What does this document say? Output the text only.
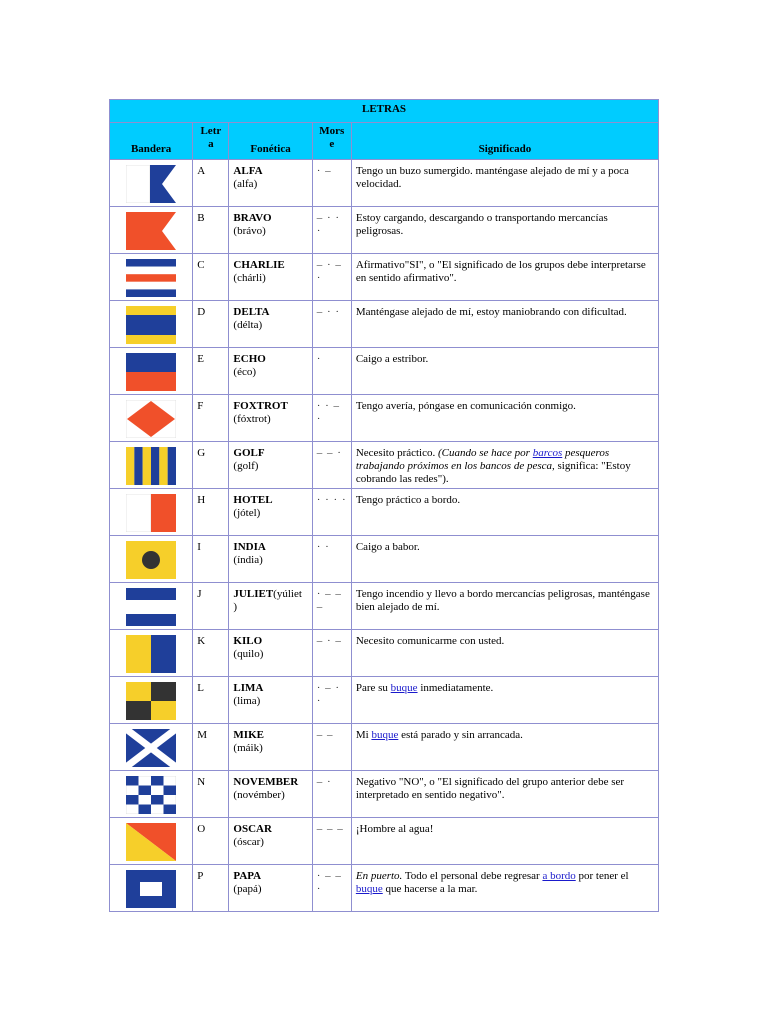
LETRAS				
Bandera	Letr
a	Fonética	Mors
e	Significado

	A	ALFA
(alfa)	· –	Tengo un buzo sumergido. manténgase alejado de mí y a poca velocidad.

	B	BRAVO
(brávo)	– · · ·	Estoy cargando, descargando o transportando mercancías peligrosas.

	C	CHARLIE
(chárli)	– · – ·	Afirmativo"SI", o "El significado de los grupos debe interpretarse en sentido afirmativo".

	D	DELTA
(délta)	– · ·	Manténgase alejado de mí, estoy maniobrando con dificultad.

	E	ECHO
(éco)	·	Caigo a estribor.

	F	FOXTROT
(fóxtrot)	· · – ·	Tengo avería, póngase en comunicación conmigo.

	G	GOLF
(golf)	– – ·	Necesito práctico. (Cuando se hace por barcos pesqueros trabajando próximos en los bancos de pesca, significa: "Estoy cobrando las redes").

	H	HOTEL
(jótel)	· · · ·	Tengo práctico a bordo.

	I	INDIA
(índia)	· ·	Caigo a babor.

	J	JULIET(yúliet
)	· – – –	Tengo incendio y llevo a bordo mercancías peligrosas, manténgase bien alejado de mí.

	K	KILO
(quilo)	– · –	Necesito comunicarme con usted.

	L	LIMA
(lima)	· – · ·	Pare su buque inmediatamente.

	M	MIKE
(máik)	– –	Mi buque está parado y sin arrancada.

	N	NOVEMBER
(novémber)	– ·	Negativo "NO", o "El significado del grupo anterior debe ser interpretado en sentido negativo".

	O	OSCAR
(óscar)	– – –	¡Hombre al agua!

	P	PAPA
(papá)	· – – ·	En puerto. Todo el personal debe regresar a bordo por tener el buque que hacerse a la mar.
